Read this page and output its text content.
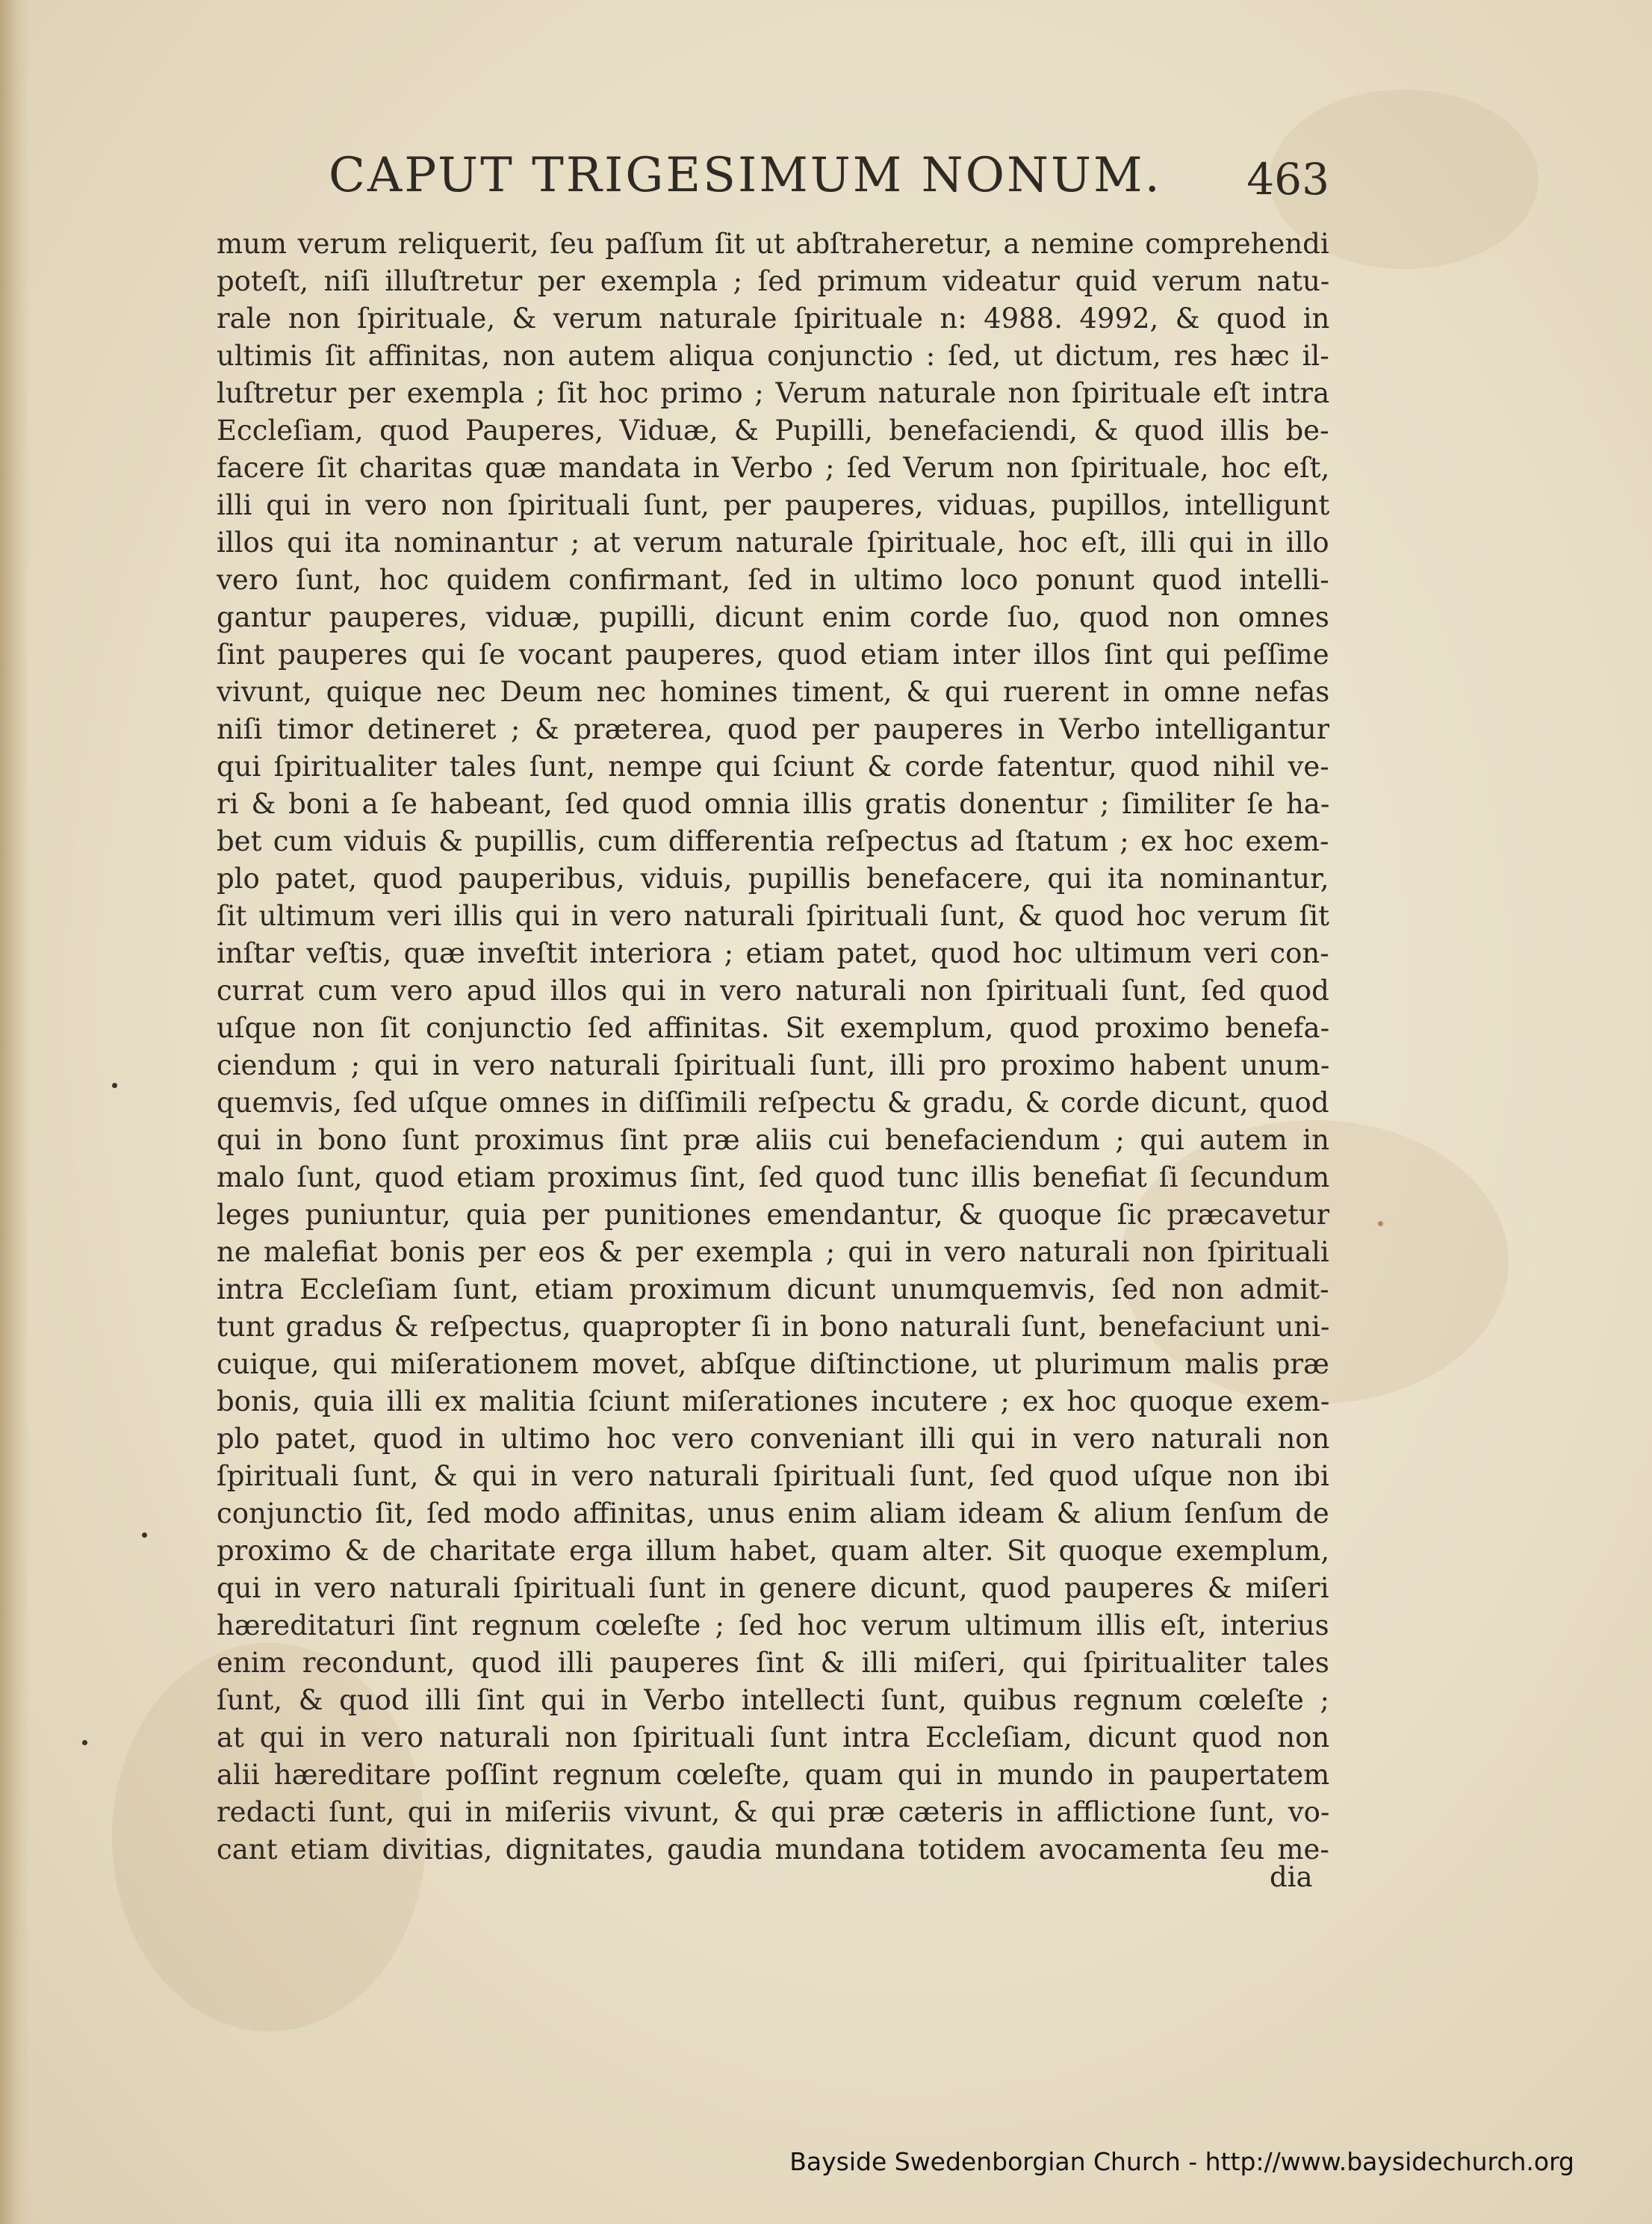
CAPUT TRIGESIMUM NONUM. 463
mum verum reliquerit, ſeu paſſum ſit ut abſtraheretur, a nemine comprehendi
poteſt, niſi illuſtretur per exempla ; ſed primum videatur quid verum natu-
rale non ſpirituale, & verum naturale ſpirituale n: 4988. 4992, & quod in
ultimis ſit affinitas, non autem aliqua conjunctio : ſed, ut dictum, res hæc il-
luſtretur per exempla ; ſit hoc primo ; Verum naturale non ſpirituale eſt intra
Eccleſiam, quod Pauperes, Viduæ, & Pupilli, benefaciendi, & quod illis be-
facere ſit charitas quæ mandata in Verbo ; ſed Verum non ſpirituale, hoc eſt,
illi qui in vero non ſpirituali ſunt, per pauperes, viduas, pupillos, intelligunt
illos qui ita nominantur ; at verum naturale ſpirituale, hoc eſt, illi qui in illo
vero ſunt, hoc quidem confirmant, ſed in ultimo loco ponunt quod intelli-
gantur pauperes, viduæ, pupilli, dicunt enim corde ſuo, quod non omnes
ſint pauperes qui ſe vocant pauperes, quod etiam inter illos ſint qui peſſime
vivunt, quique nec Deum nec homines timent, & qui ruerent in omne nefas
niſi timor detineret ; & præterea, quod per pauperes in Verbo intelligantur
qui ſpiritualiter tales ſunt, nempe qui ſciunt & corde fatentur, quod nihil ve-
ri & boni a ſe habeant, ſed quod omnia illis gratis donentur ; ſimiliter ſe ha-
bet cum viduis & pupillis, cum differentia reſpectus ad ſtatum ; ex hoc exem-
plo patet, quod pauperibus, viduis, pupillis benefacere, qui ita nominantur,
ſit ultimum veri illis qui in vero naturali ſpirituali ſunt, & quod hoc verum ſit
inſtar veſtis, quæ inveſtit interiora ; etiam patet, quod hoc ultimum veri con-
currat cum vero apud illos qui in vero naturali non ſpirituali ſunt, ſed quod
uſque non ſit conjunctio ſed affinitas. Sit exemplum, quod proximo benefa-
ciendum ; qui in vero naturali ſpirituali ſunt, illi pro proximo habent unum-
quemvis, ſed uſque omnes in diſſimili reſpectu & gradu, & corde dicunt, quod
qui in bono ſunt proximus ſint præ aliis cui benefaciendum ; qui autem in
malo ſunt, quod etiam proximus ſint, ſed quod tunc illis benefiat ſi ſecundum
leges puniuntur, quia per punitiones emendantur, & quoque ſic præcavetur
ne malefiat bonis per eos & per exempla ; qui in vero naturali non ſpirituali
intra Eccleſiam ſunt, etiam proximum dicunt unumquemvis, ſed non admit-
tunt gradus & reſpectus, quapropter ſi in bono naturali ſunt, benefaciunt uni-
cuique, qui miſerationem movet, abſque diſtinctione, ut plurimum malis præ
bonis, quia illi ex malitia ſciunt miſerationes incutere ; ex hoc quoque exem-
plo patet, quod in ultimo hoc vero conveniant illi qui in vero naturali non
ſpirituali ſunt, & qui in vero naturali ſpirituali ſunt, ſed quod uſque non ibi
conjunctio ſit, ſed modo affinitas, unus enim aliam ideam & alium ſenſum de
proximo & de charitate erga illum habet, quam alter. Sit quoque exemplum,
qui in vero naturali ſpirituali ſunt in genere dicunt, quod pauperes & miſeri
hæreditaturi ſint regnum cœleſte ; ſed hoc verum ultimum illis eſt, interius
enim recondunt, quod illi pauperes ſint & illi miſeri, qui ſpiritualiter tales
ſunt, & quod illi ſint qui in Verbo intellecti ſunt, quibus regnum cœleſte ;
at qui in vero naturali non ſpirituali ſunt intra Eccleſiam, dicunt quod non
alii hæreditare poſſint regnum cœleſte, quam qui in mundo in paupertatem
redacti ſunt, qui in miſeriis vivunt, & qui præ cæteris in afflictione ſunt, vo-
cant etiam divitias, dignitates, gaudia mundana totidem avocamenta ſeu me-
dia
Bayside Swedenborgian Church - http://www.baysidechurch.org
